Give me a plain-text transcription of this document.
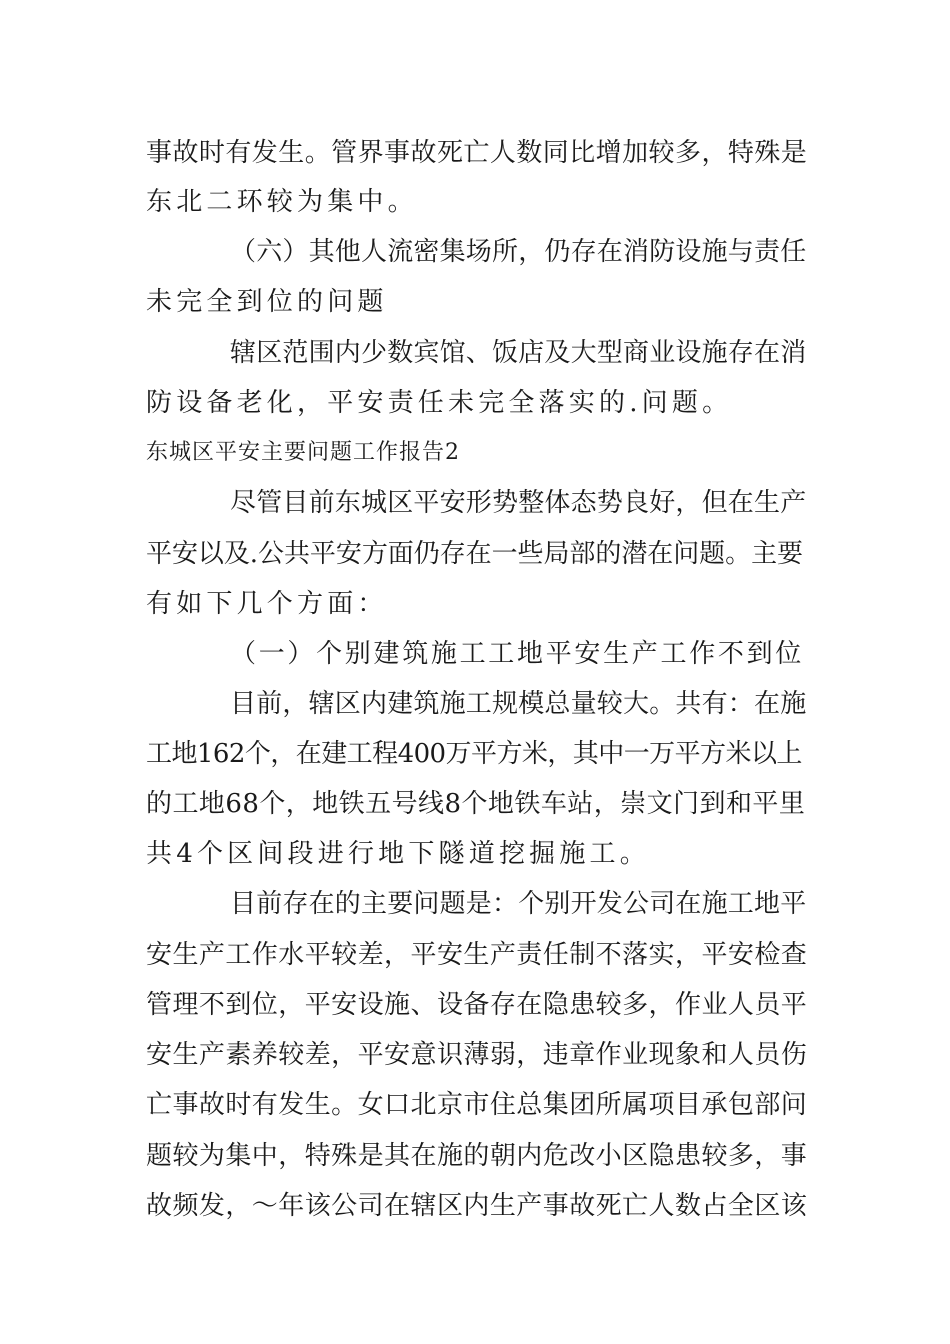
事故时有发生。管界事故死亡人数同比增加较多，特殊是
东北二环较为集中。
（六）其他人流密集场所，仍存在消防设施与责任
未完全到位的问题
辖区范围内少数宾馆、饭店及大型商业设施存在消
防设备老化，平安责任未完全落实的.问题。
东城区平安主要问题工作报告2
尽管目前东城区平安形势整体态势良好，但在生产
平安以及.公共平安方面仍存在一些局部的潜在问题。主要
有如下几个方面：
（一）个别建筑施工工地平安生产工作不到位
目前，辖区内建筑施工规模总量较大。共有：在施
工地162个，在建工程400万平方米，其中一万平方米以上
的工地68个，地铁五号线8个地铁车站，崇文门到和平里
共4个区间段进行地下隧道挖掘施工。
目前存在的主要问题是：个别开发公司在施工地平
安生产工作水平较差，平安生产责任制不落实，平安检查
管理不到位，平安设施、设备存在隐患较多，作业人员平
安生产素养较差，平安意识薄弱，违章作业现象和人员伤
亡事故时有发生。女口北京市住总集团所属项目承包部问
题较为集中，特殊是其在施的朝内危改小区隐患较多，事
故频发，～年该公司在辖区内生产事故死亡人数占全区该
